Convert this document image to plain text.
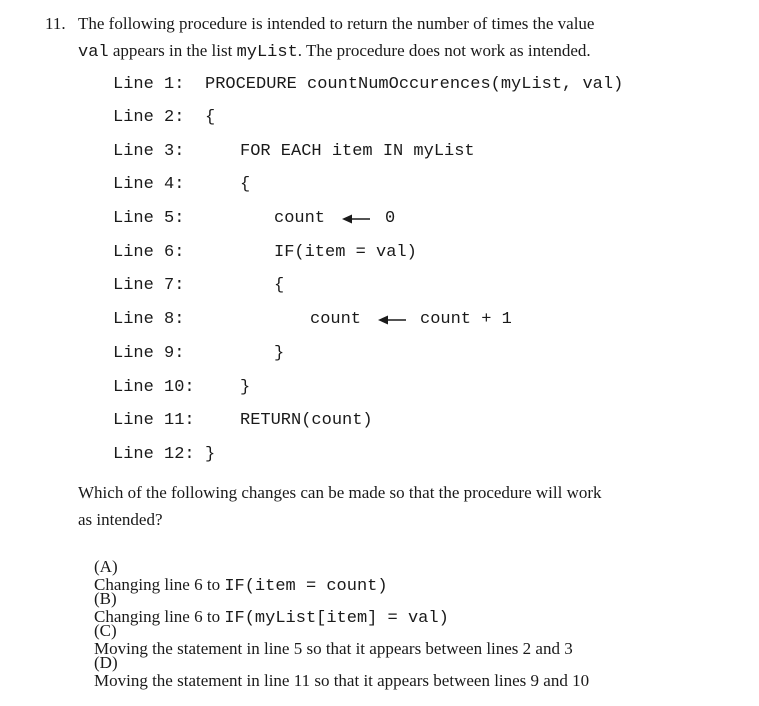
11. The following procedure is intended to return the number of times the value
val appears in the list myList. The procedure does not work as intended.
Line 1: PROCEDURE countNumOccurences(myList, val)
Line 2: {
Line 3:	FOR EACH item IN myList
Line 4:	{
Line 5:	count	0
Line 6:	IF(item = val)
Line 7:	{
Line 8:	count	count + 1
Line 9:	}
Line 10:	}
Line 11:	RETURN(count)
Line 12: }
Which of the following changes can be made so that the procedure will work
as intended?

(A)
Changing line 6 to IF(item = count)

(B)
Changing line 6 to IF(myList[item] = val)

(C)
Moving the statement in line 5 so that it appears between lines 2 and 3

(D)
Moving the statement in line 11 so that it appears between lines 9 and 10
